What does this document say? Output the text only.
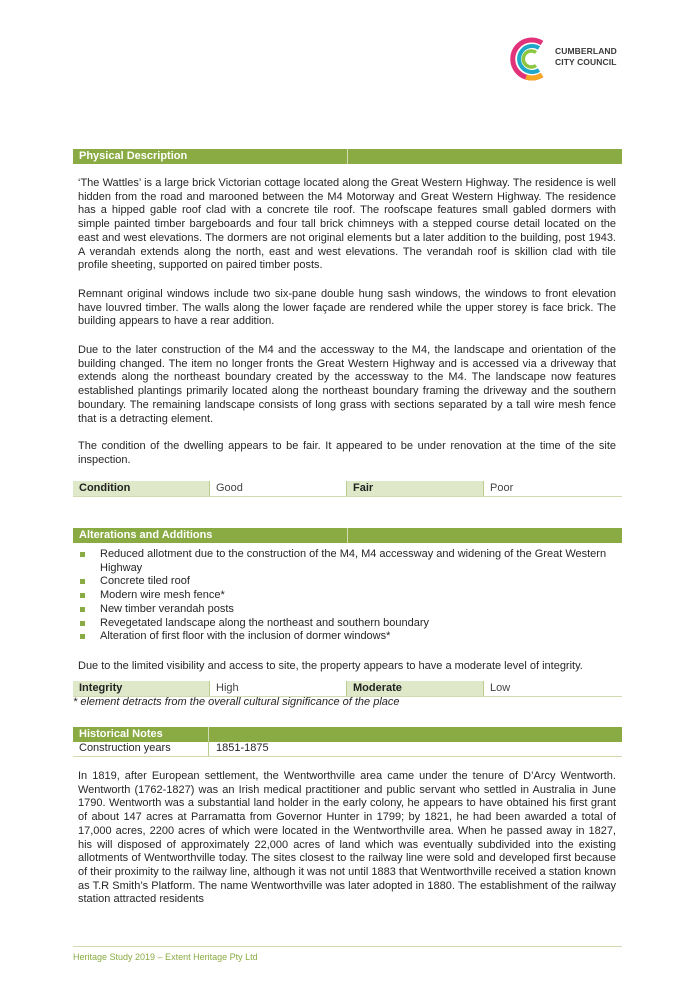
CUMBERLAND
CITY COUNCIL
Physical Description
‘The Wattles’ is a large brick Victorian cottage located along the Great Western Highway. The residence is well hidden from the road and marooned between the M4 Motorway and Great Western Highway. The residence has a hipped gable roof clad with a concrete tile roof. The roofscape features small gabled dormers with simple painted timber bargeboards and four tall brick chimneys with a stepped course detail located on the east and west elevations. The dormers are not original elements but a later addition to the building, post 1943. A verandah extends along the north, east and west elevations. The verandah roof is skillion clad with tile profile sheeting, supported on paired timber posts.
Remnant original windows include two six-pane double hung sash windows, the windows to front elevation have louvred timber. The walls along the lower façade are rendered while the upper storey is face brick. The building appears to have a rear addition.
Due to the later construction of the M4 and the accessway to the M4, the landscape and orientation of the building changed. The item no longer fronts the Great Western Highway and is accessed via a driveway that extends along the northeast boundary created by the accessway to the M4. The landscape now features established plantings primarily located along the northeast boundary framing the driveway and the southern boundary. The remaining landscape consists of long grass with sections separated by a tall wire mesh fence that is a detracting element.
The condition of the dwelling appears to be fair. It appeared to be under renovation at the time of the site inspection.
Condition	Good	Fair	Poor
Alterations and Additions
Reduced allotment due to the construction of the M4, M4 accessway and widening of the Great Western Highway
Concrete tiled roof
Modern wire mesh fence*
New timber verandah posts
Revegetated landscape along the northeast and southern boundary
Alteration of first floor with the inclusion of dormer windows*
Due to the limited visibility and access to site, the property appears to have a moderate level of integrity.
Integrity	High	Moderate	Low
* element detracts from the overall cultural significance of the place
Historical Notes
Construction years	1851-1875
In 1819, after European settlement, the Wentworthville area came under the tenure of D’Arcy Wentworth. Wentworth (1762-1827) was an Irish medical practitioner and public servant who settled in Australia in June 1790. Wentworth was a substantial land holder in the early colony, he appears to have obtained his first grant of about 147 acres at Parramatta from Governor Hunter in 1799; by 1821, he had been awarded a total of 17,000 acres, 2200 acres of which were located in the Wentworthville area. When he passed away in 1827, his will disposed of approximately 22,000 acres of land which was eventually subdivided into the existing allotments of Wentworthville today. The sites closest to the railway line were sold and developed first because of their proximity to the railway line, although it was not until 1883 that Wentworthville received a station known as T.R Smith’s Platform. The name Wentworthville was later adopted in 1880. The establishment of the railway station attracted residents
Heritage Study 2019 – Extent Heritage Pty Ltd
